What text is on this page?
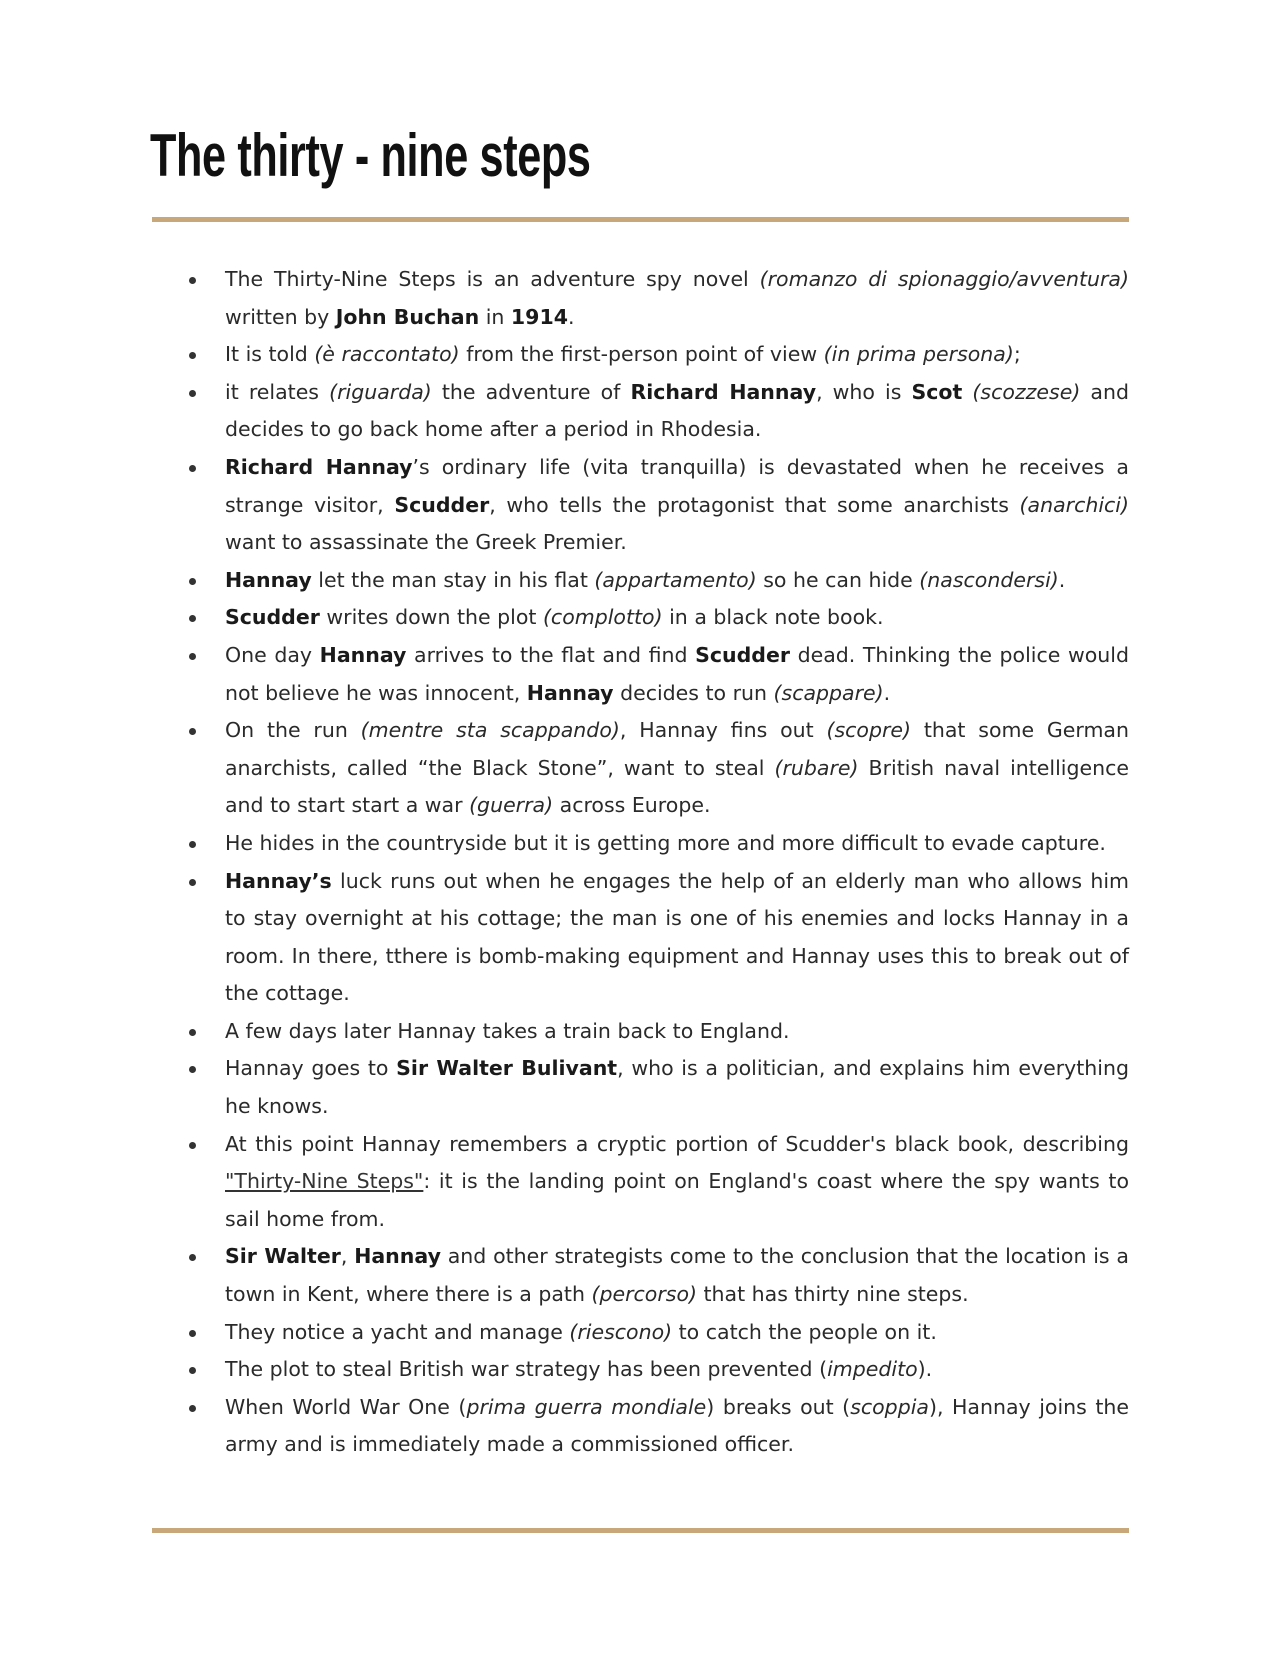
The thirty - nine steps
The Thirty-Nine Steps is an adventure spy novel (romanzo di spionaggio/avventura) written by John Buchan in 1914.
It is told (è raccontato) from the first-person point of view (in prima persona);
it relates (riguarda) the adventure of Richard Hannay, who is Scot (scozzese) and decides to go back home after a period in Rhodesia.
Richard Hannay’s ordinary life (vita tranquilla) is devastated when he receives a strange visitor, Scudder, who tells the protagonist that some anarchists (anarchici) want to assassinate the Greek Premier.
Hannay let the man stay in his flat (appartamento) so he can hide (nascondersi).
Scudder writes down the plot (complotto) in a black note book.
One day Hannay arrives to the flat and find Scudder dead. Thinking the police would not believe he was innocent, Hannay decides to run (scappare).
On the run (mentre sta scappando), Hannay fins out (scopre) that some German anarchists, called “the Black Stone”, want to steal (rubare) British naval intelligence and to start start a war (guerra) across Europe.
He hides in the countryside but it is getting more and more difficult to evade capture.
Hannay’s luck runs out when he engages the help of an elderly man who allows him to stay overnight at his cottage; the man is one of his enemies and locks Hannay in a room. In there, tthere is bomb-making equipment and Hannay uses this to break out of the cottage.
A few days later Hannay takes a train back to England.
Hannay goes to Sir Walter Bulivant, who is a politician, and explains him everything he knows.
At this point Hannay remembers a cryptic portion of Scudder's black book, describing "Thirty-Nine Steps": it is the landing point on England's coast where the spy wants to sail home from.
Sir Walter, Hannay and other strategists come to the conclusion that the location is a town in Kent, where there is a path (percorso) that has thirty nine steps.
They notice a yacht and manage (riescono) to catch the people on it.
The plot to steal British war strategy has been prevented (impedito).
When World War One (prima guerra mondiale) breaks out (scoppia), Hannay joins the army and is immediately made a commissioned officer.
